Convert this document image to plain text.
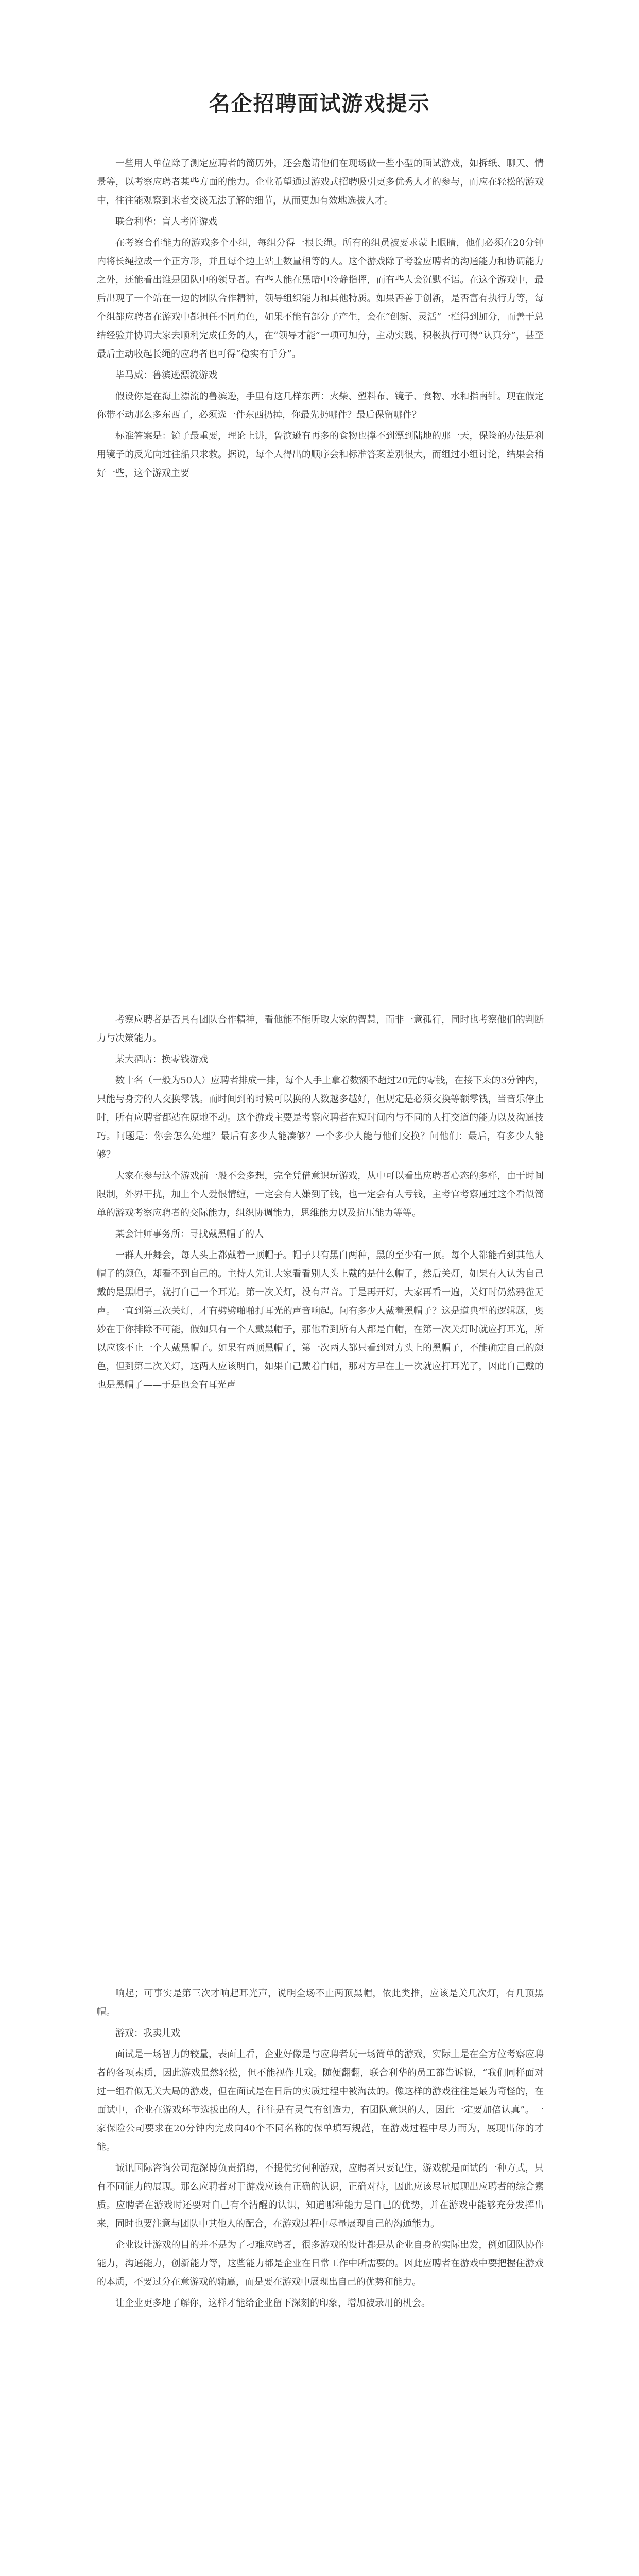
名企招聘面试游戏提示

一些用人单位除了测定应聘者的简历外，还会邀请他们在现场做一些小型的面试游戏，如拆纸、聊天、情景等，以考察应聘者某些方面的能力。企业希望通过游戏式招聘吸引更多优秀人才的参与，而应在轻松的游戏中，往往能观察到来者交谈无法了解的细节，从而更加有效地选拔人才。

联合利华：盲人考阵游戏

在考察合作能力的游戏多个小组，每组分得一根长绳。所有的组员被要求蒙上眼睛，他们必须在20分钟内将长绳拉成一个正方形，并且每个边上站上数量相等的人。这个游戏除了考验应聘者的沟通能力和协调能力之外，还能看出谁是团队中的领导者。有些人能在黑暗中冷静指挥，而有些人会沉默不语。在这个游戏中，最后出现了一个站在一边的团队合作精神，领导组织能力和其他特质。如果否善于创新，是否富有执行力等，每个组都应聘者在游戏中都担任不同角色，如果不能有部分子产生，会在“创新、灵活”一栏得到加分，而善于总结经验并协调大家去顺利完成任务的人，在“领导才能”一项可加分，主动实践、积极执行可得“认真分”，甚至最后主动收起长绳的应聘者也可得“稳实有手分”。

毕马威：鲁滨逊漂流游戏

假设你是在海上漂流的鲁滨逊，手里有这几样东西：火柴、塑料布、镜子、食物、水和指南针。现在假定你带不动那么多东西了，必须选一件东西扔掉，你最先扔哪件？最后保留哪件？

标准答案是：镜子最重要，理论上讲，鲁滨逊有再多的食物也撑不到漂到陆地的那一天，保险的办法是利用镜子的反光向过往船只求救。据说，每个人得出的顺序会和标准答案差别很大，而组过小组讨论，结果会稍好一些，这个游戏主要

考察应聘者是否具有团队合作精神，看他能不能听取大家的智慧，而非一意孤行，同时也考察他们的判断力与决策能力。

某大酒店：换零钱游戏

数十名（一般为50人）应聘者排成一排，每个人手上拿着数额不超过20元的零钱，在接下来的3分钟内，只能与身旁的人交换零钱。而时间到的时候可以换的人数越多越好，但规定是必须交换等额零钱，当音乐停止时，所有应聘者都站在原地不动。这个游戏主要是考察应聘者在短时间内与不同的人打交道的能力以及沟通技巧。问题是：你会怎么处理？最后有多少人能凑够？一个多少人能与他们交换？问他们：最后，有多少人能够？

大家在参与这个游戏前一般不会多想，完全凭借意识玩游戏，从中可以看出应聘者心态的多样，由于时间限制，外界干扰，加上个人爱恨情缠，一定会有人嫌到了钱，也一定会有人亏钱，主考官考察通过这个看似简单的游戏考察应聘者的交际能力，组织协调能力，思维能力以及抗压能力等等。

某会计师事务所：寻找戴黑帽子的人

一群人开舞会，每人头上都戴着一顶帽子。帽子只有黑白两种，黑的至少有一顶。每个人都能看到其他人帽子的颜色，却看不到自己的。主持人先让大家看看别人头上戴的是什么帽子，然后关灯，如果有人认为自己戴的是黑帽子，就打自己一个耳光。第一次关灯，没有声音。于是再开灯，大家再看一遍，关灯时仍然鸦雀无声。一直到第三次关灯，才有劈劈啪啪打耳光的声音响起。问有多少人戴着黑帽子？这是道典型的逻辑题，奥妙在于你排除不可能，假如只有一个人戴黑帽子，那他看到所有人都是白帽，在第一次关灯时就应打耳光，所以应该不止一个人戴黑帽子。如果有两顶黑帽子，第一次两人都只看到对方头上的黑帽子，不能确定自己的颜色，但到第二次关灯，这两人应该明白，如果自己戴着白帽，那对方早在上一次就应打耳光了，因此自己戴的也是黑帽子——于是也会有耳光声

响起；可事实是第三次才响起耳光声，说明全场不止两顶黑帽，依此类推，应该是关几次灯，有几顶黑帽。

游戏：我卖儿戏

面试是一场智力的较量，表面上看，企业好像是与应聘者玩一场简单的游戏，实际上是在全方位考察应聘者的各项素质，因此游戏虽然轻松，但不能视作儿戏。随便翻翻，联合利华的员工都告诉说，“我们同样面对过一组看似无关大局的游戏，但在面试是在日后的实质过程中被淘汰的。像这样的游戏往往是最为奇怪的，在面试中，企业在游戏环节选拔出的人，往往是有灵气有创造力，有团队意识的人，因此一定要加倍认真”。一家保险公司要求在20分钟内完成向40个不同名称的保单填写规范，在游戏过程中尽力而为，展现出你的才能。

诚讯国际咨询公司范深博负责招聘，不提优劣何种游戏，应聘者只要记住，游戏就是面试的一种方式，只有不同能力的展现。那么应聘者对于游戏应该有正确的认识，正确对待，因此应该尽量展现出应聘者的综合素质。应聘者在游戏时还要对自己有个清醒的认识，知道哪种能力是自己的优势，并在游戏中能够充分发挥出来，同时也要注意与团队中其他人的配合，在游戏过程中尽量展现自己的沟通能力。

企业设计游戏的目的并不是为了刁难应聘者，很多游戏的设计都是从企业自身的实际出发，例如团队协作能力，沟通能力，创新能力等，这些能力都是企业在日常工作中所需要的。因此应聘者在游戏中要把握住游戏的本质，不要过分在意游戏的输赢，而是要在游戏中展现出自己的优势和能力。

让企业更多地了解你，这样才能给企业留下深刻的印象，增加被录用的机会。
